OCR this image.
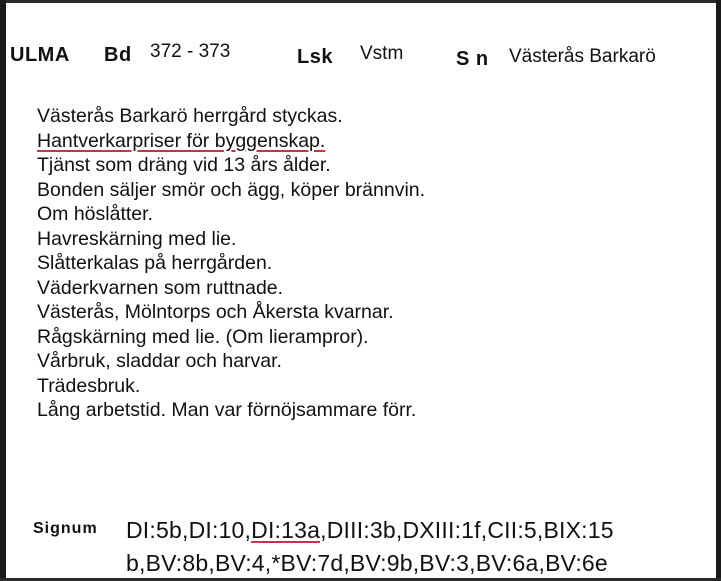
ULMA Bd 372 - 373	Lsk Vstm	S n Västerås Barkarö
Västerås Barkarö herrgård styckas.
Hantverkarpriser för byggenskap.
Tjänst som dräng vid 13 års ålder.
Bonden säljer smör och ägg, köper brännvin.
Om höslåtter.
Havreskärning med lie.
Slåtterkalas på herrgården.
Väderkvarnen som ruttnade.
Västerås, Mölntorps och Åkersta kvarnar.
Rågskärning med lie. (Om lierampror).
Vårbruk, sladdar och harvar.
Trädesbruk.
Lång arbetstid. Man var förnöjsammare förr.
Signum DI:5b,DI:10,DI:13a,DIII:3b,DXIII:1f,CII:5,BIX:15
b,BV:8b,BV:4,*BV:7d,BV:9b,BV:3,BV:6a,BV:6e
